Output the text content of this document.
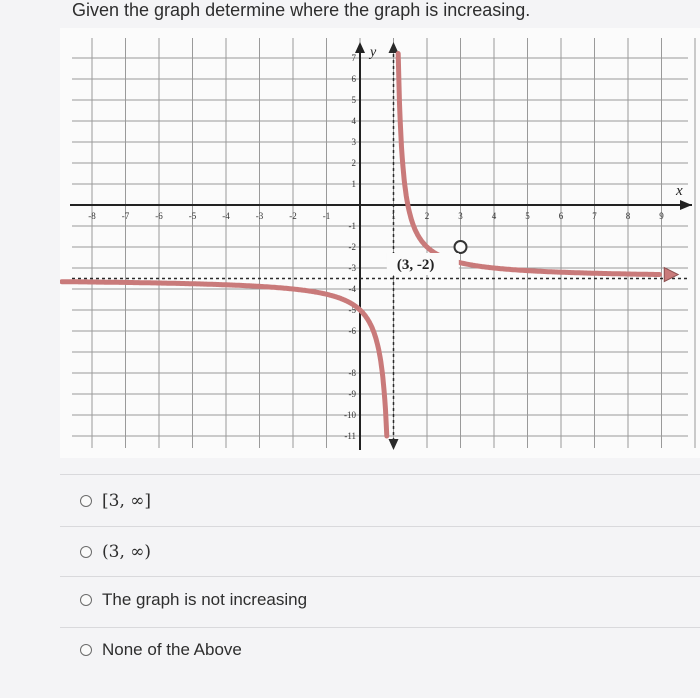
Given the graph determine where the graph is increasing.
-8	-7	-6	-5	-4	-3	-2	-1	1	2	3	4	5	6	7	8	9
1
2
3
4
5
6
7
-1
-2
-3
-4
-5
-6
-8
-9
-10
-11
x
y
(3, -2)
[3, ∞]
(3, ∞)
The graph is not increasing
None of the Above
